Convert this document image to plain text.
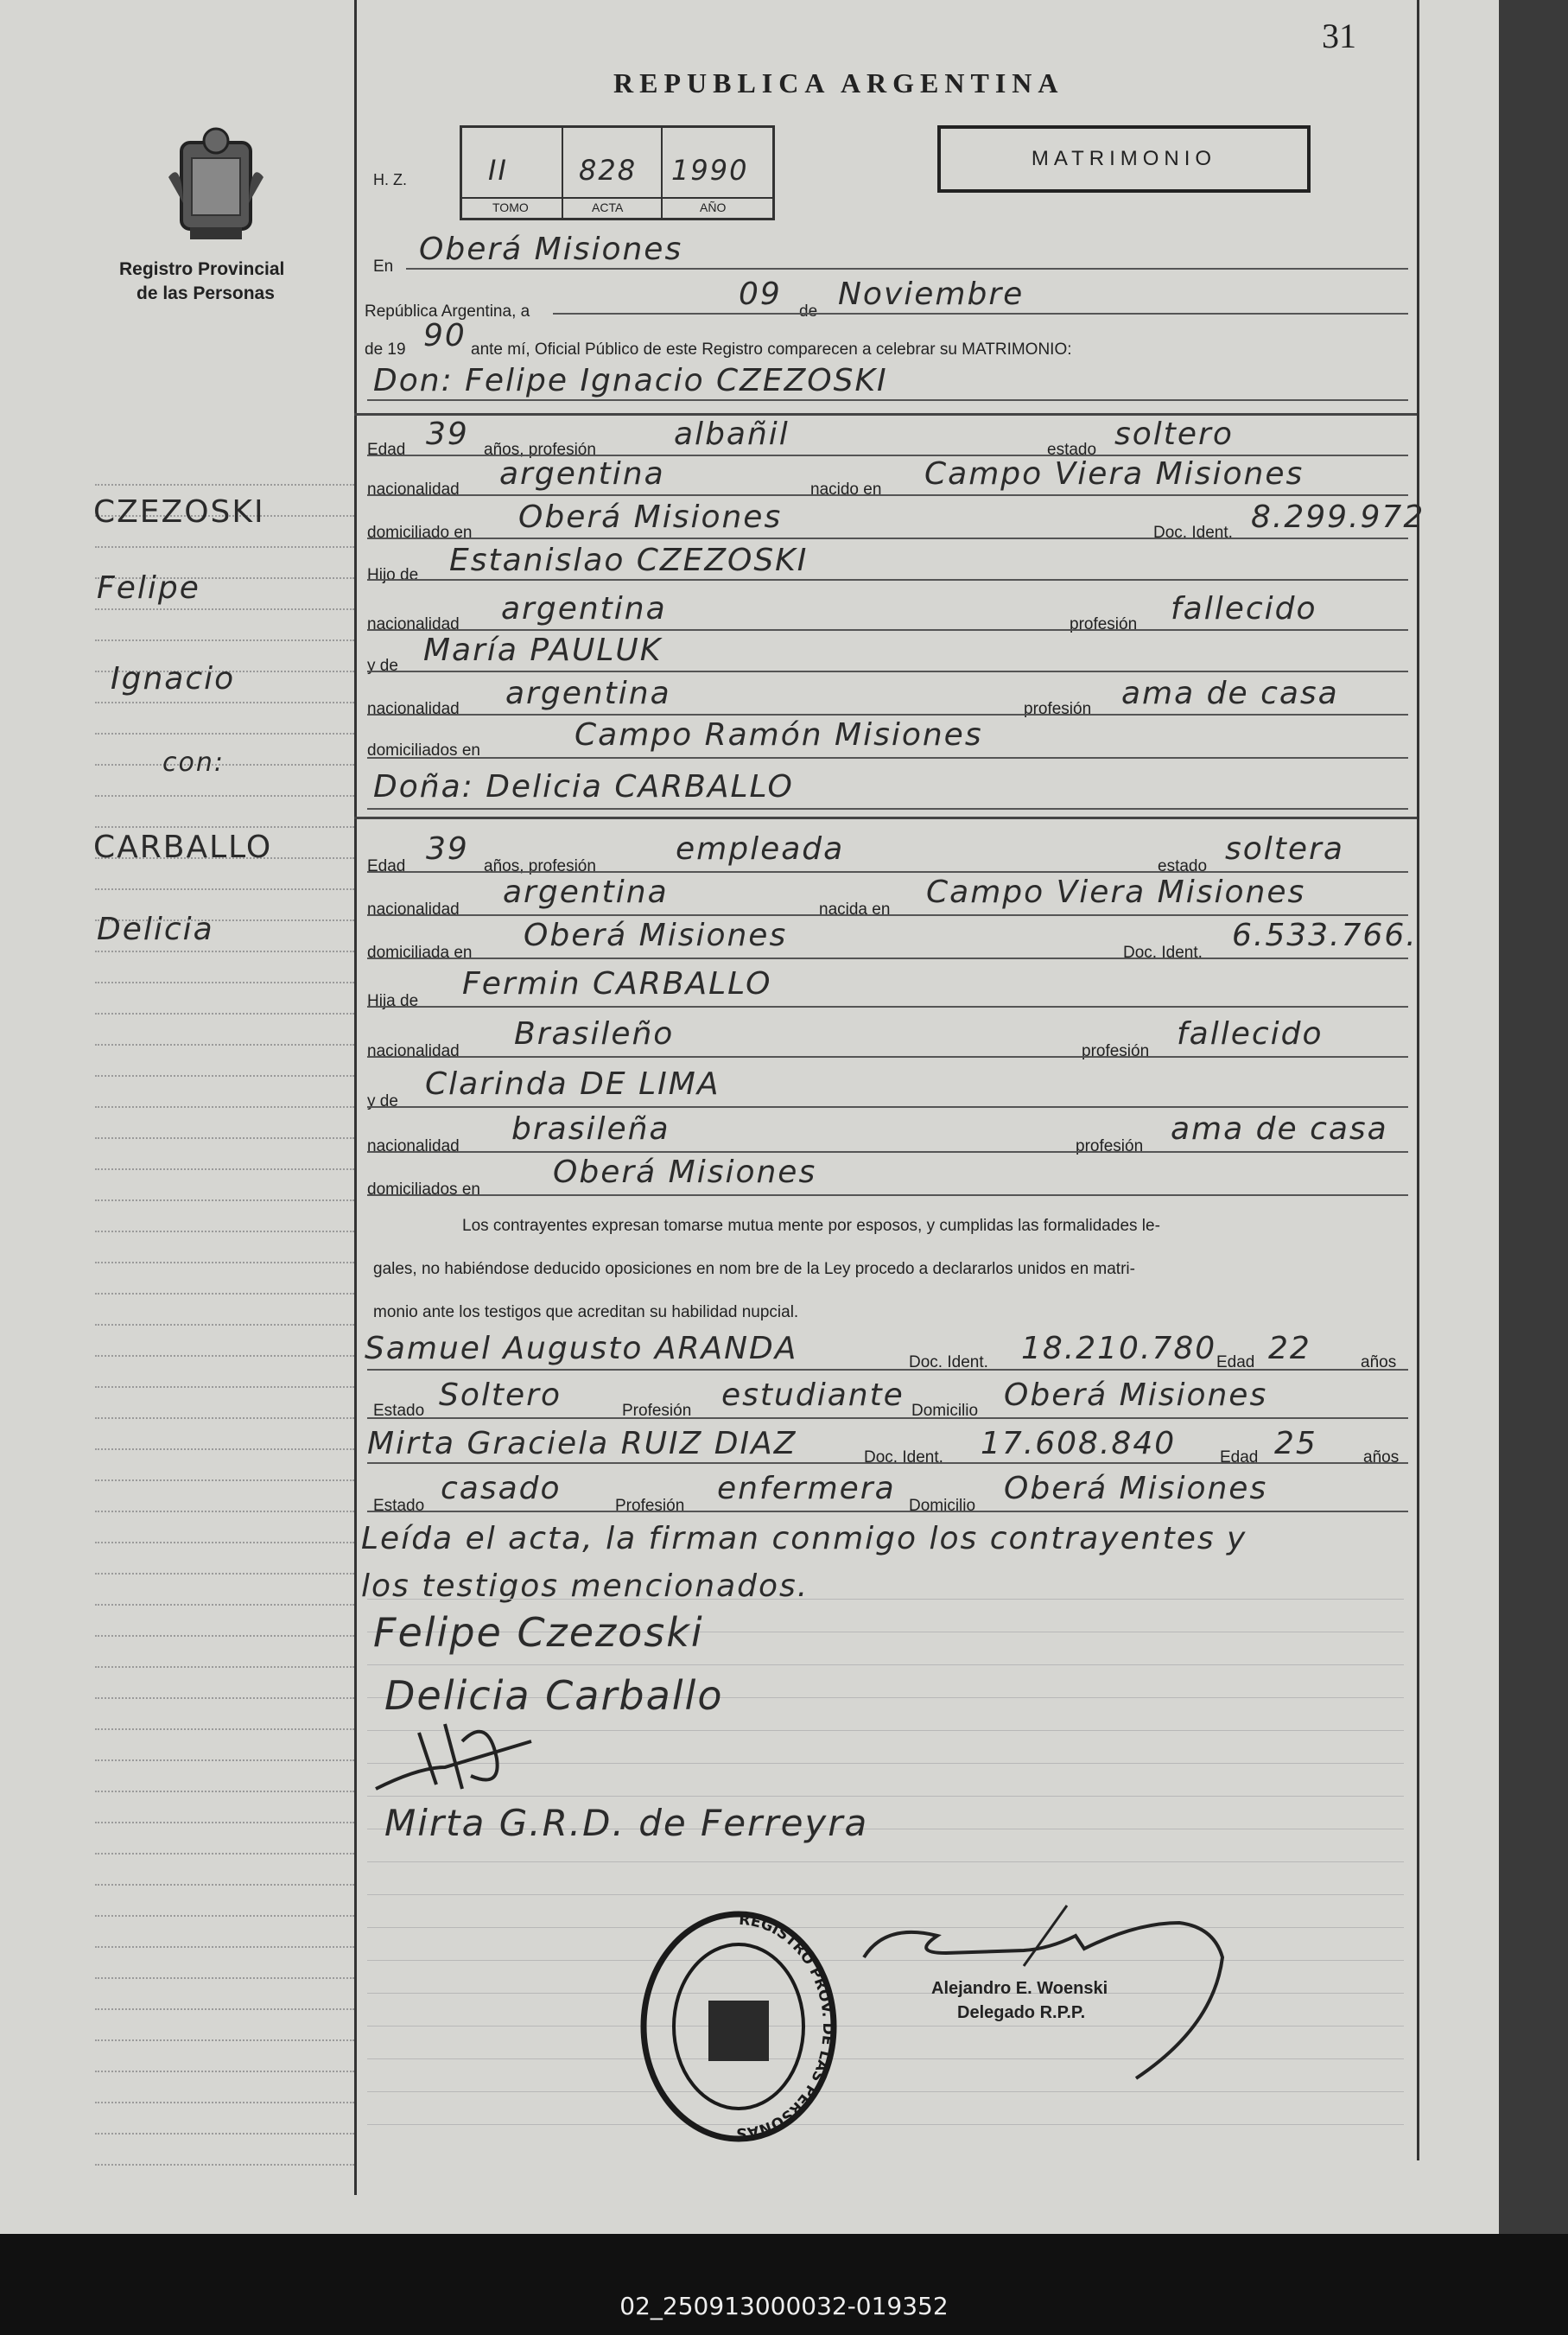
02_250913000032-019352
31
REPUBLICA ARGENTINA
MATRIMONIO
Registro Provincial
de las Personas
H. Z.	II	828 1990
TOMO	ACTA	AÑO
CZEZOSKI
Felipe
Ignacio
con:
CARBALLO
Delicia
En Oberá Misiones
República Argentina, a	09 de Noviembre
de 19 90 ante mí, Oficial Público de este Registro comparecen a celebrar su MATRIMONIO:
Don: Felipe Ignacio CZEZOSKI
Edad 39 años, profesión	albañil	estado soltero
nacionalidad argentina	nacido en Campo Viera Misiones
domiciliado en Oberá Misiones	Doc. Ident. 8.299.972
Hijo de Estanislao CZEZOSKI
nacionalidad argentina	profesión fallecido
y de María PAULUK
nacionalidad argentina	profesión ama de casa
domiciliados en	Campo Ramón Misiones
Doña: Delicia CARBALLO
Edad 39 años, profesión	empleada	estado soltera
nacionalidad argentina	nacida en Campo Viera Misiones
domiciliada en Oberá Misiones	Doc. Ident. 6.533.766.
Hija de Fermin CARBALLO
nacionalidad Brasileño	profesión fallecido
y de Clarinda DE LIMA
nacionalidad brasileña	profesión ama de casa
domiciliados en Oberá Misiones
Los contrayentes expresan tomarse mutua mente por esposos, y cumplidas las formalidades le-
gales, no habiéndose deducido oposiciones en nom bre de la Ley procedo a declararlos unidos en matri-
monio ante los testigos que acreditan su habilidad nupcial.
Samuel Augusto ARANDA	Doc. Ident. 18.210.780 Edad 22	años
Estado Soltero	Profesión estudiante Domicilio Oberá Misiones
Mirta Graciela RUIZ DIAZ	Doc. Ident. 17.608.840	Edad 25	años
Estado casado	Profesión enfermera Domicilio Oberá Misiones
Leída el acta, la firman conmigo los contrayentes y
los testigos mencionados.
Felipe Czezoski
Delicia Carballo
Mirta G.R.D. de Ferreyra
Alejandro E. Woenski
Delegado R.P.P.
REGISTRO PROV. DE LAS PERSONAS
